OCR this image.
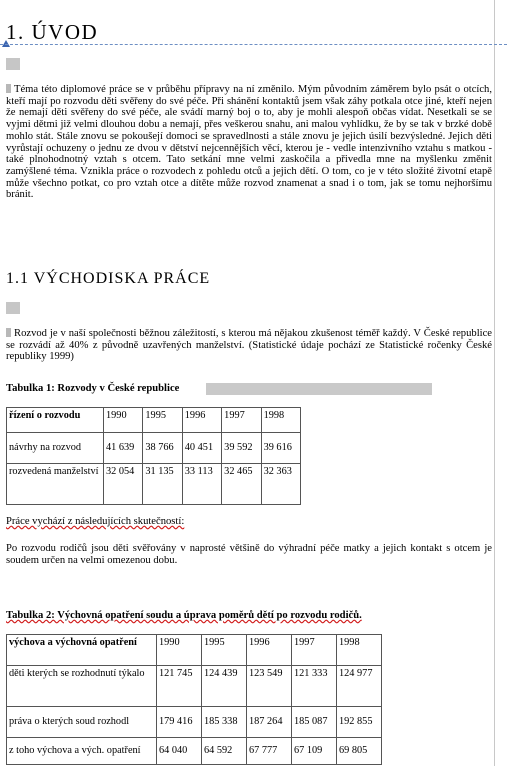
1. ÚVOD
Téma této diplomové práce se v průběhu přípravy na ní změnilo. Mým původním záměrem bylo psát o otcích, kteří mají po rozvodu děti svěřeny do své péče. Při shánění kontaktů jsem však záhy potkala otce jiné, kteří nejen že nemají děti svěřeny do své péče, ale svádí marný boj o to, aby je mohli alespoň občas vídat. Nesetkali se se vyjmi dětmi již velmi dlouhou dobu a nemají, přes veškerou snahu, ani malou vyhlídku, že by se tak v brzké době mohlo stát. Stále znovu se pokoušejí domoci se spravedlnosti a stále znovu je jejich úsilí bezvýsledné. Jejich děti vyrůstají ochuzeny o jednu ze dvou v dětství nejcennějších věcí, kterou je - vedle intenzivního vztahu s matkou - také plnohodnotný vztah s otcem. Tato setkání mne velmi zaskočila a přivedla mne na myšlenku změnit zamýšlené téma. Vznikla práce o rozvodech z pohledu otců a jejich dětí. O tom, co je v této složité životní etapě může všechno potkat, co pro vztah otce a dítěte může rozvod znamenat a snad i o tom, jak se tomu nejhoršímu bránit.
1.1 VÝCHODISKA PRÁCE
Rozvod je v naší společnosti běžnou záležitostí, s kterou má nějakou zkušenost téměř každý. V České republice se rozvádí až 40% z původně uzavřených manželství. (Statistické údaje pochází ze Statistické ročenky České republiky 1999)
Tabulka 1: Rozvody v České republice
řízení o rozvodu	1990	1995	1996	1997	1998
návrhy na rozvod	41 639	38 766	40 451	39 592	39 616
rozvedená manželství	32 054	31 135	33 113	32 465	32 363
Práce vychází z následujících skutečností:
Po rozvodu rodičů jsou děti svěřovány v naprosté většině do výhradní péče matky a jejich kontakt s otcem je soudem určen na velmi omezenou dobu.
Tabulka 2: Výchovná opatření soudu a úprava poměrů dětí po rozvodu rodičů.
výchova a výchovná opatření	1990	1995	1996	1997	1998
děti kterých se rozhodnutí týkalo	121 745	124 439	123 549	121 333	124 977
práva o kterých soud rozhodl	179 416	185 338	187 264	185 087	192 855
z toho výchova a vých. opatření	64 040	64 592	67 777	67 109	69 805
